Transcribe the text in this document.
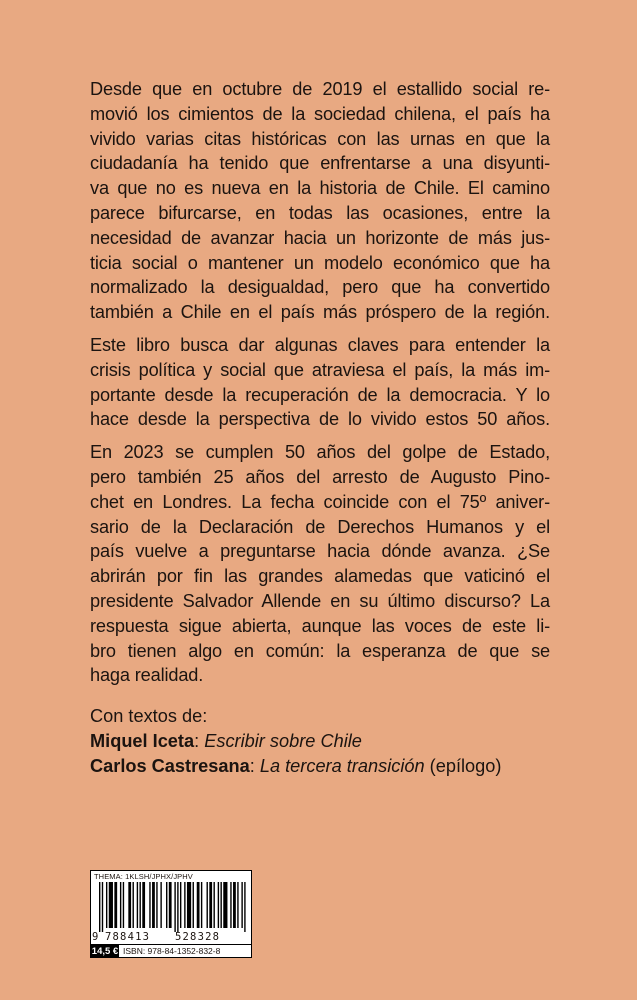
Desde que en octubre de 2019 el estallido social re-
movió los cimientos de la sociedad chilena, el país ha
vivido varias citas históricas con las urnas en que la
ciudadanía ha tenido que enfrentarse a una disyunti-
va que no es nueva en la historia de Chile. El camino
parece bifurcarse, en todas las ocasiones, entre la
necesidad de avanzar hacia un horizonte de más jus-
ticia social o mantener un modelo económico que ha
normalizado la desigualdad, pero que ha convertido
también a Chile en el país más próspero de la región.

Este libro busca dar algunas claves para entender la
crisis política y social que atraviesa el país, la más im-
portante desde la recuperación de la democracia. Y lo
hace desde la perspectiva de lo vivido estos 50 años.

En 2023 se cumplen 50 años del golpe de Estado,
pero también 25 años del arresto de Augusto Pino-
chet en Londres. La fecha coincide con el 75º aniver-
sario de la Declaración de Derechos Humanos y el
país vuelve a preguntarse hacia dónde avanza. ¿Se
abrirán por fin las grandes alamedas que vaticinó el
presidente Salvador Allende en su último discurso? La
respuesta sigue abierta, aunque las voces de este li-
bro tienen algo en común: la esperanza de que se
haga realidad.

Con textos de:
Miquel Iceta: Escribir sobre Chile
Carlos Castresana: La tercera transición (epílogo)
THEMA: 1KLSH/JPHX/JPHV
9 788413 528328
14,5 € ISBN: 978-84-1352-832-8
